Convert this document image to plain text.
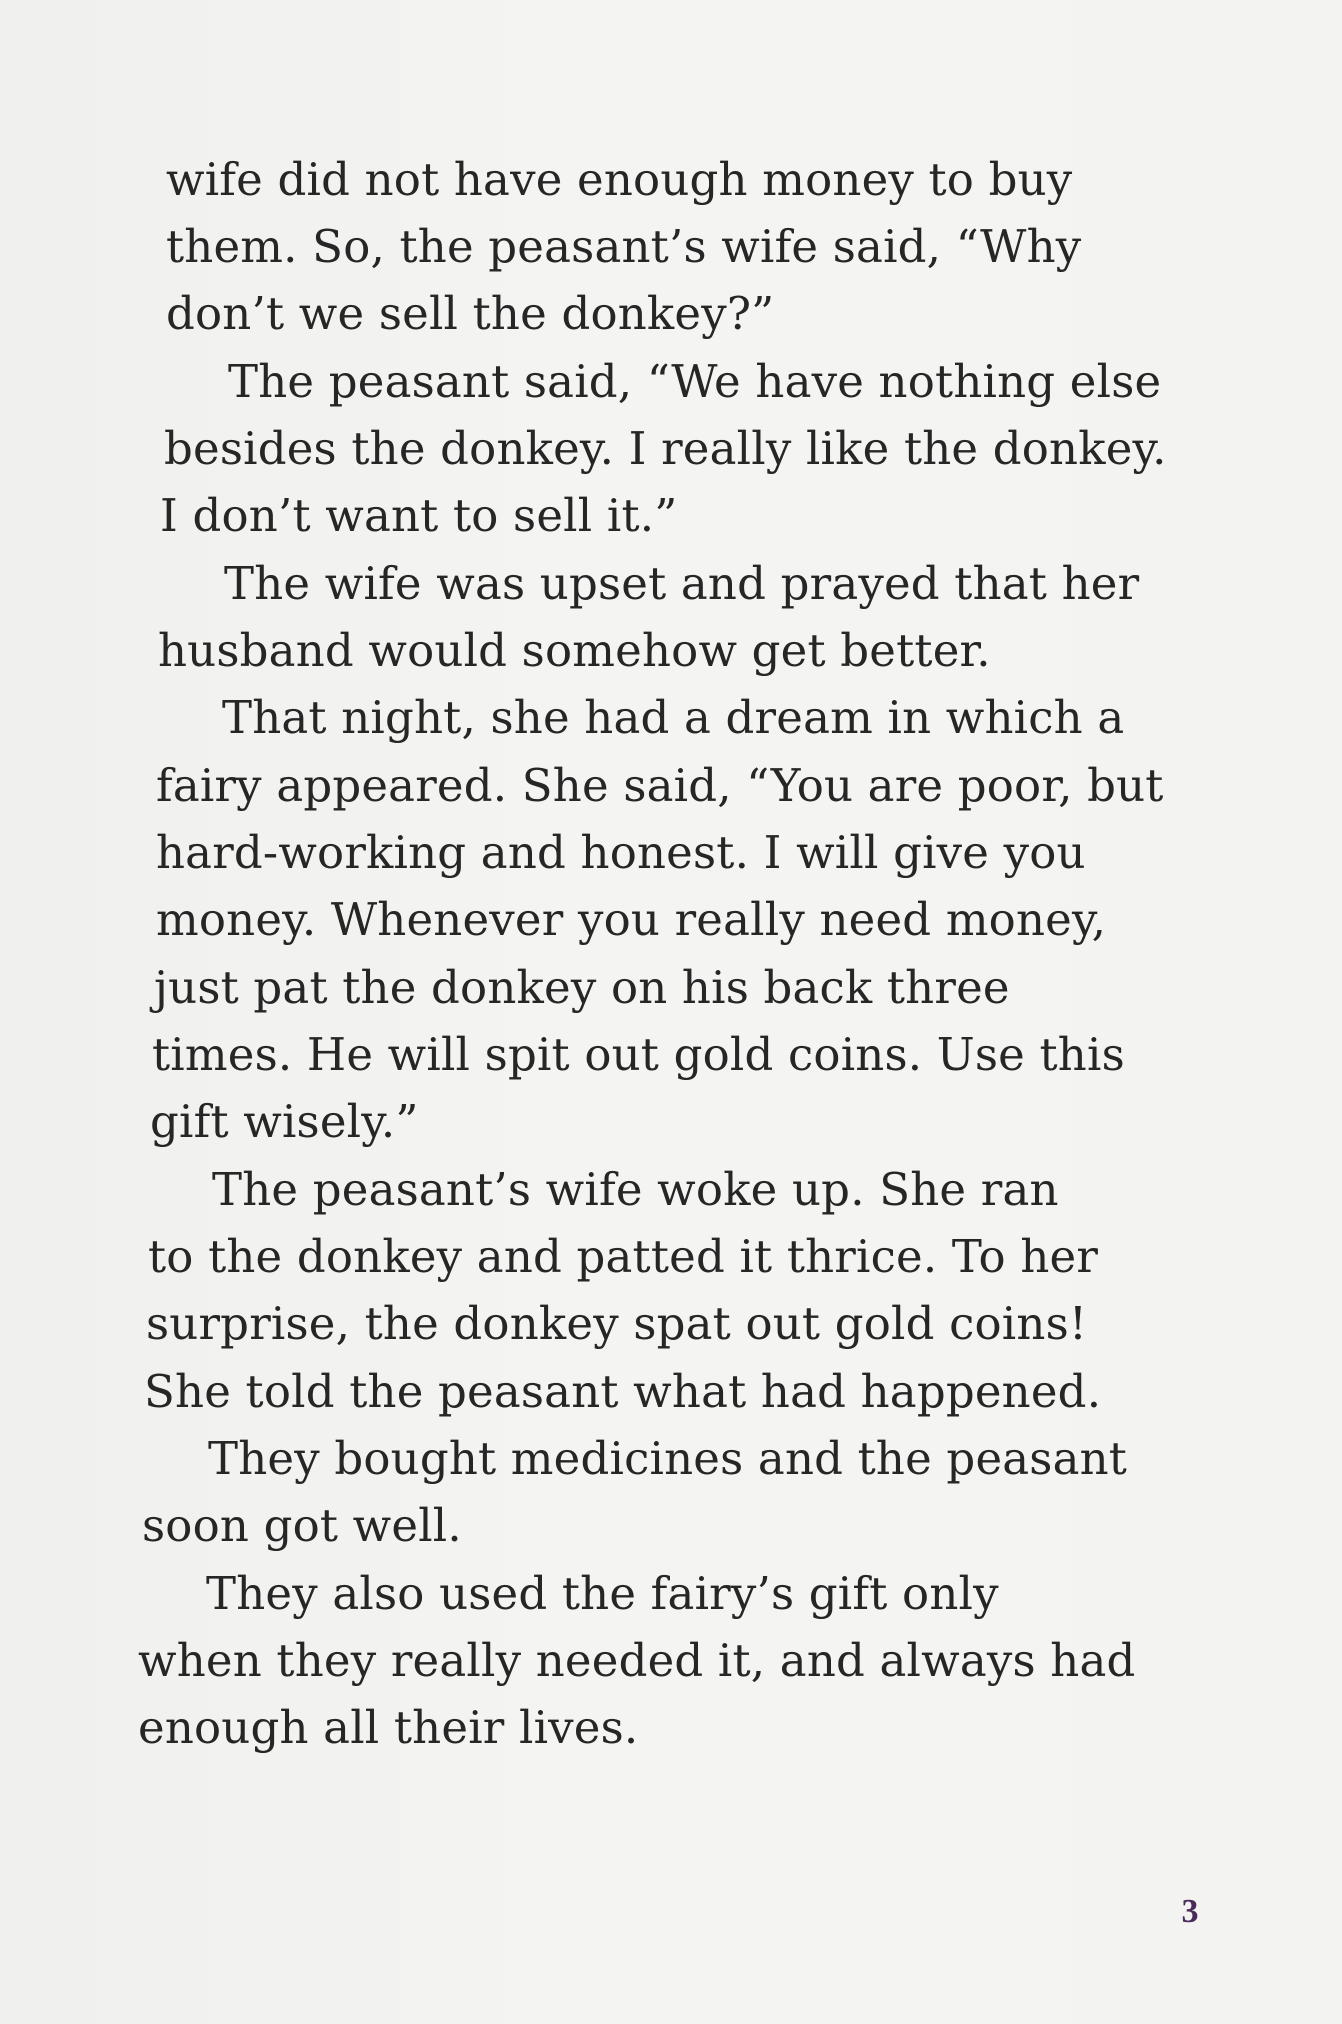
wife did not have enough money to buy

them. So, the peasant’s wife said, “Why

don’t we sell the donkey?”

The peasant said, “We have nothing else

besides the donkey. I really like the donkey.

I don’t want to sell it.”

The wife was upset and prayed that her

husband would somehow get better.

That night, she had a dream in which a

fairy appeared. She said, “You are poor, but

hard-working and honest. I will give you

money. Whenever you really need money,

just pat the donkey on his back three

times. He will spit out gold coins. Use this

gift wisely.”

The peasant’s wife woke up. She ran

to the donkey and patted it thrice. To her

surprise, the donkey spat out gold coins!

She told the peasant what had happened.

They bought medicines and the peasant

soon got well.

They also used the fairy’s gift only

when they really needed it, and always had

enough all their lives.

3
